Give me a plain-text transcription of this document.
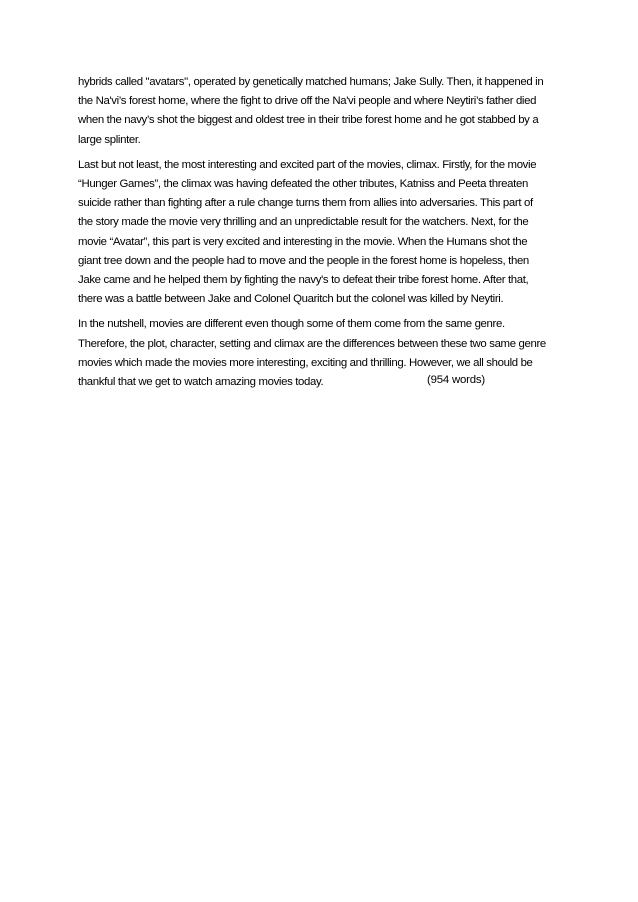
hybrids called "avatars", operated by genetically matched humans; Jake Sully. Then, it happened in
the Na'vi’s forest home, where the fight to drive off the Na'vi people and where Neytiri’s father died
when the navy’s shot the biggest and oldest tree in their tribe forest home and he got stabbed by a
large splinter.

Last but not least, the most interesting and excited part of the movies, climax. Firstly, for the movie
“Hunger Games”, the climax was having defeated the other tributes, Katniss and Peeta threaten
suicide rather than fighting after a rule change turns them from allies into adversaries. This part of
the story made the movie very thrilling and an unpredictable result for the watchers. Next, for the
movie “Avatar”, this part is very excited and interesting in the movie. When the Humans shot the
giant tree down and the people had to move and the people in the forest home is hopeless, then
Jake came and he helped them by fighting the navy's to defeat their tribe forest home. After that,
there was a battle between Jake and Colonel Quaritch but the colonel was killed by Neytiri.

In the nutshell, movies are different even though some of them come from the same genre.
Therefore, the plot, character, setting and climax are the differences between these two same genre
movies which made the movies more interesting, exciting and thrilling. However, we all should be
thankful that we get to watch amazing movies today.	(954 words)
